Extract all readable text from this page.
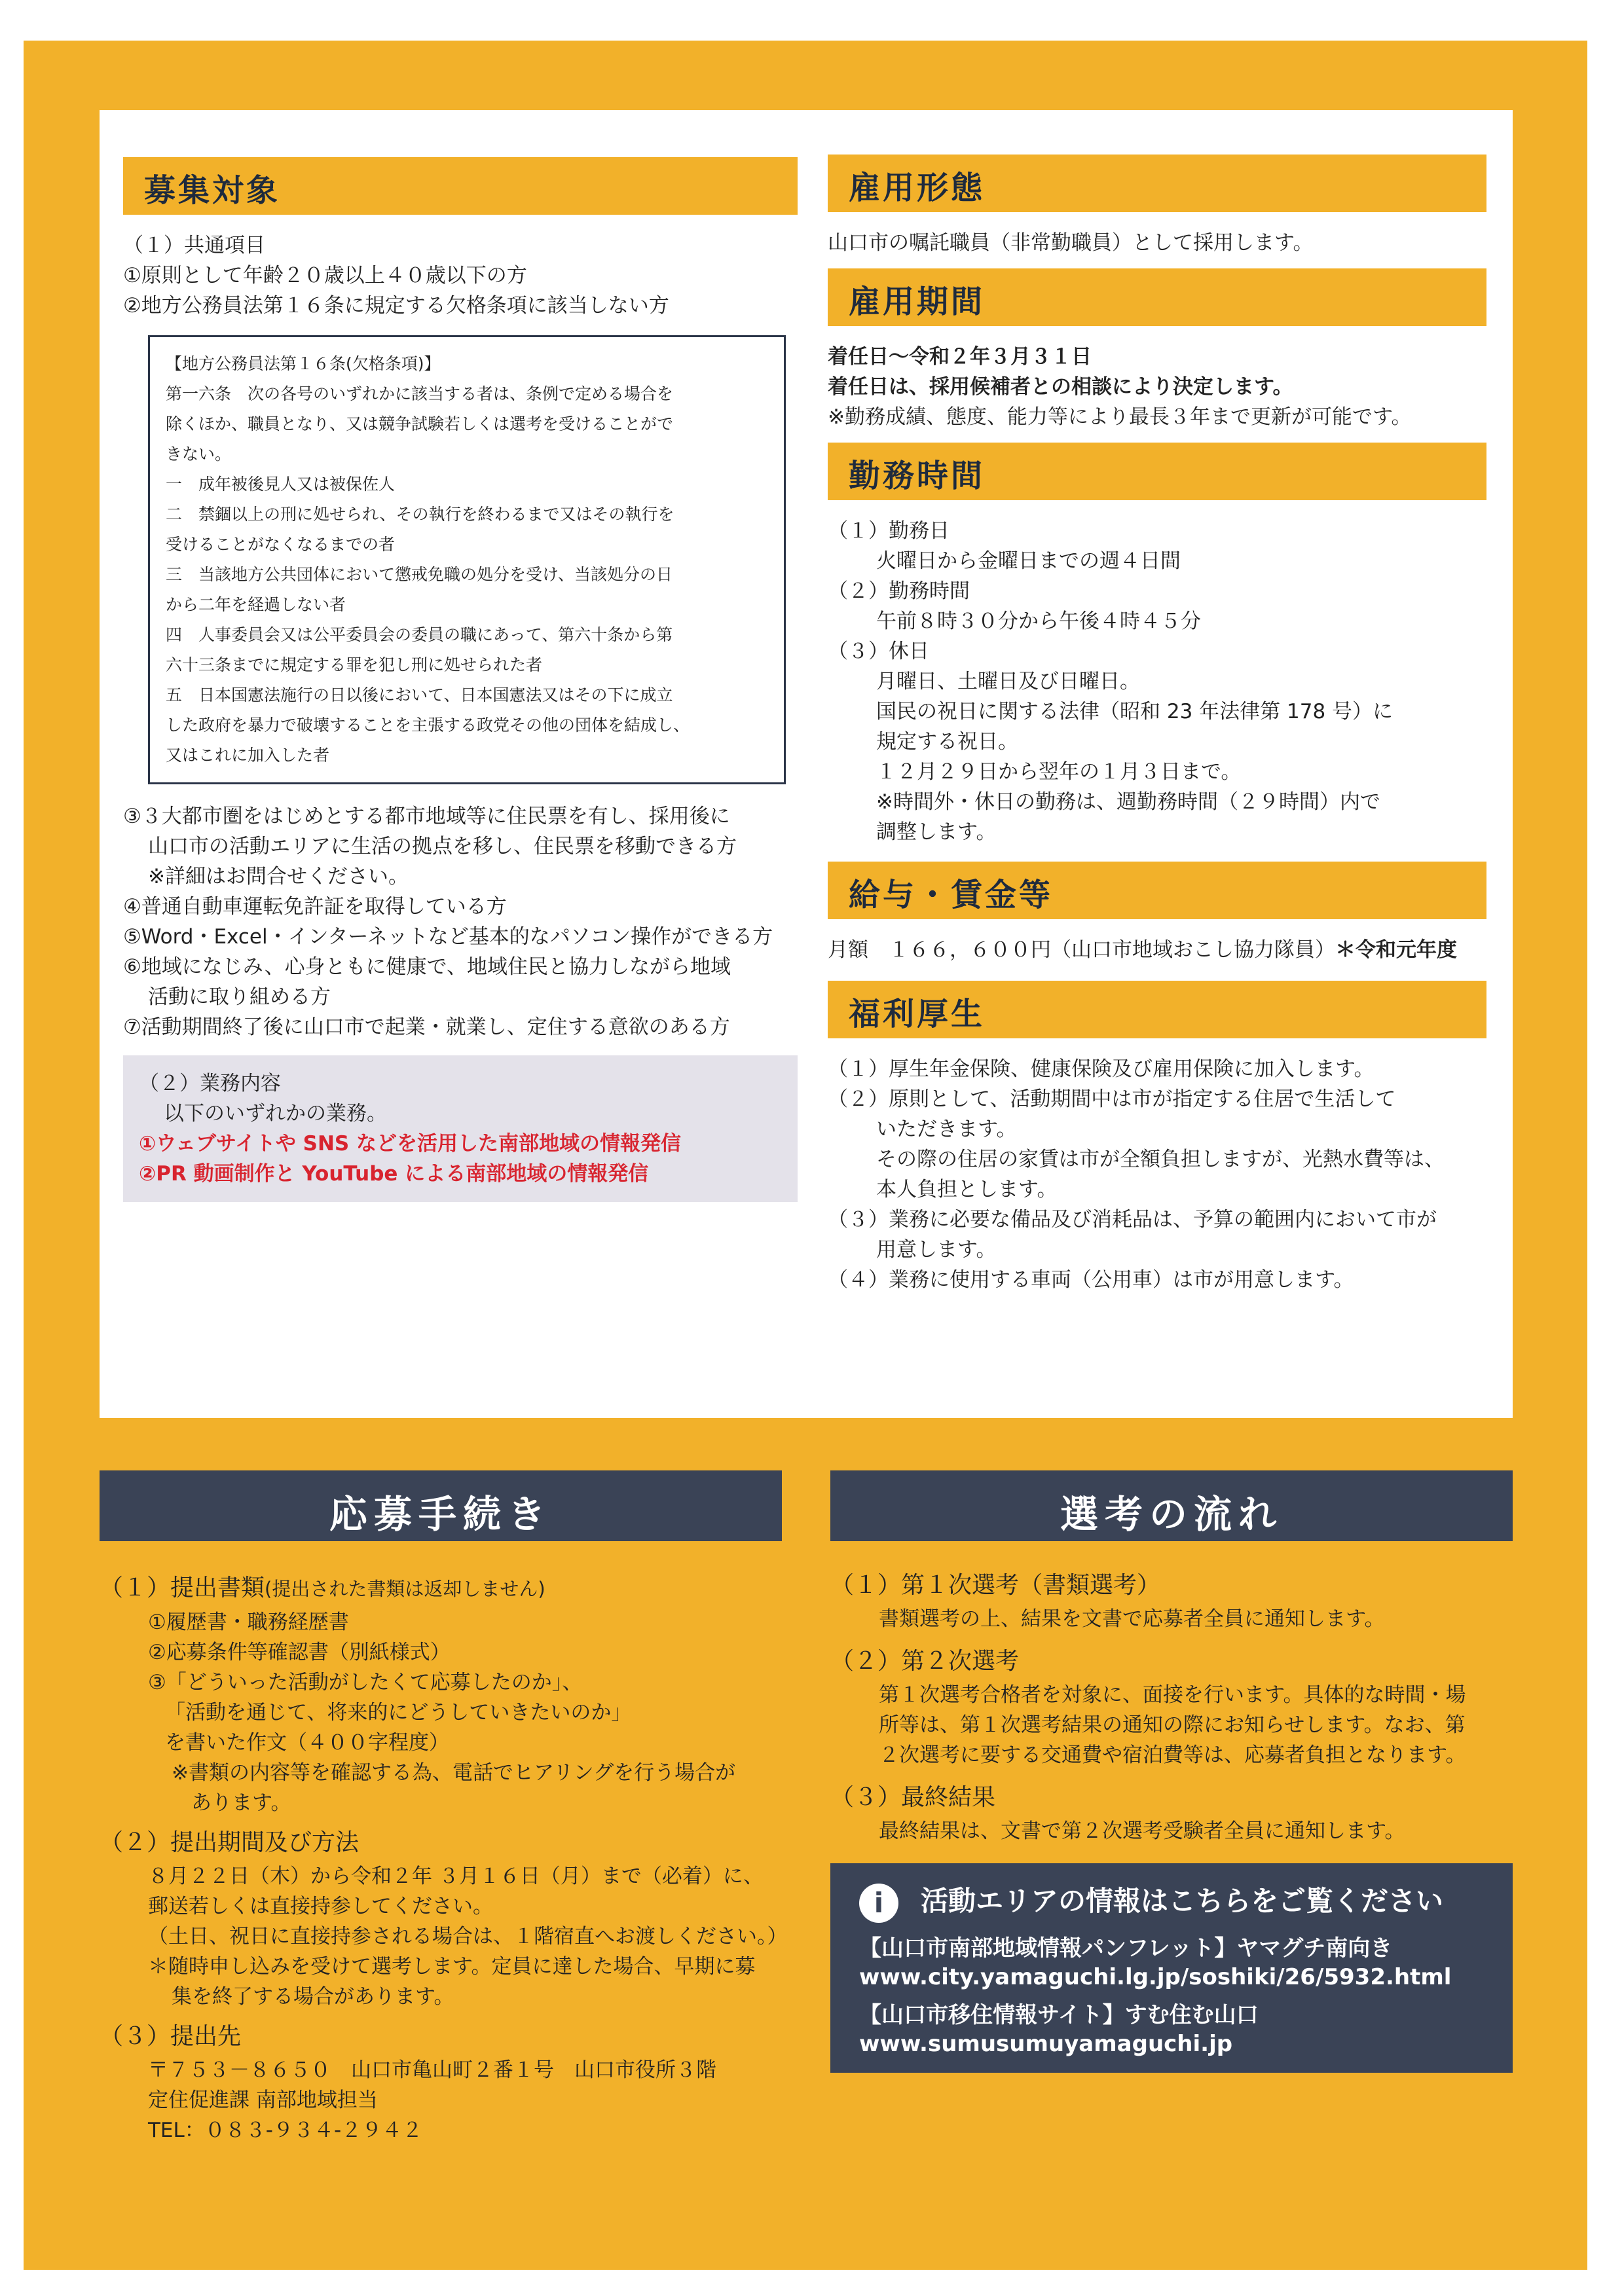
募集対象
（１）共通項目
①原則として年齢２０歳以上４０歳以下の方
②地方公務員法第１６条に規定する欠格条項に該当しない方
【地方公務員法第１６条(欠格条項)】
第一六条　次の各号のいずれかに該当する者は、条例で定める場合を
除くほか、職員となり、又は競争試験若しくは選考を受けることがで
きない。
一　成年被後見人又は被保佐人
二　禁錮以上の刑に処せられ、その執行を終わるまで又はその執行を
受けることがなくなるまでの者
三　当該地方公共団体において懲戒免職の処分を受け、当該処分の日
から二年を経過しない者
四　人事委員会又は公平委員会の委員の職にあって、第六十条から第
六十三条までに規定する罪を犯し刑に処せられた者
五　日本国憲法施行の日以後において、日本国憲法又はその下に成立
した政府を暴力で破壊することを主張する政党その他の団体を結成し、
又はこれに加入した者
③３大都市圏をはじめとする都市地域等に住民票を有し、採用後に
山口市の活動エリアに生活の拠点を移し、住民票を移動できる方
※詳細はお問合せください。
④普通自動車運転免許証を取得している方
⑤Word・Excel・インターネットなど基本的なパソコン操作ができる方
⑥地域になじみ、心身ともに健康で、地域住民と協力しながら地域
活動に取り組める方
⑦活動期間終了後に山口市で起業・就業し、定住する意欲のある方
（２）業務内容
以下のいずれかの業務。
①ウェブサイトや SNS などを活用した南部地域の情報発信
②PR 動画制作と YouTube による南部地域の情報発信
雇用形態
山口市の嘱託職員（非常勤職員）として採用します。
雇用期間
着任日～令和２年３月３１日
着任日は、採用候補者との相談により決定します。
※勤務成績、態度、能力等により最長３年まで更新が可能です。
勤務時間
（１）勤務日
火曜日から金曜日までの週４日間
（２）勤務時間
午前８時３０分から午後４時４５分
（３）休日
月曜日、土曜日及び日曜日。
国民の祝日に関する法律（昭和 23 年法律第 178 号）に
規定する祝日。
１２月２９日から翌年の１月３日まで。
※時間外・休日の勤務は、週勤務時間（２９時間）内で
調整します。
給与・賃金等
月額　１６６，６００円（山口市地域おこし協力隊員）＊令和元年度
福利厚生
（１）厚生年金保険、健康保険及び雇用保険に加入します。
（２）原則として、活動期間中は市が指定する住居で生活して
いただきます。
その際の住居の家賃は市が全額負担しますが、光熱水費等は、
本人負担とします。
（３）業務に必要な備品及び消耗品は、予算の範囲内において市が
用意します。
（４）業務に使用する車両（公用車）は市が用意します。
応募手続き
（１）提出書類(提出された書類は返却しません)
①履歴書・職務経歴書
②応募条件等確認書（別紙様式）
③「どういった活動がしたくて応募したのか」、
「活動を通じて、将来的にどうしていきたいのか」
を書いた作文（４００字程度）
※書類の内容等を確認する為、電話でヒアリングを行う場合が
あります。
（２）提出期間及び方法
８月２２日（木）から令和２年 ３月１６日（月）まで（必着）に、
郵送若しくは直接持参してください。
（土日、祝日に直接持参される場合は、１階宿直へお渡しください。）
＊随時申し込みを受けて選考します。定員に達した場合、早期に募
集を終了する場合があります。
（３）提出先
〒７５３－８６５０　山口市亀山町２番１号　山口市役所３階
定住促進課 南部地域担当
TEL：０８３-９３４-２９４２
選考の流れ
（１）第１次選考（書類選考）
書類選考の上、結果を文書で応募者全員に通知します。
（２）第２次選考
第１次選考合格者を対象に、面接を行います。具体的な時間・場
所等は、第１次選考結果の通知の際にお知らせします。なお、第
２次選考に要する交通費や宿泊費等は、応募者負担となります。
（３）最終結果
最終結果は、文書で第２次選考受験者全員に通知します。
i 活動エリアの情報はこちらをご覧ください
【山口市南部地域情報パンフレット】ヤマグチ南向き
www.city.yamaguchi.lg.jp/soshiki/26/5932.html
【山口市移住情報サイト】すむ住む山口
www.sumusumuyamaguchi.jp
